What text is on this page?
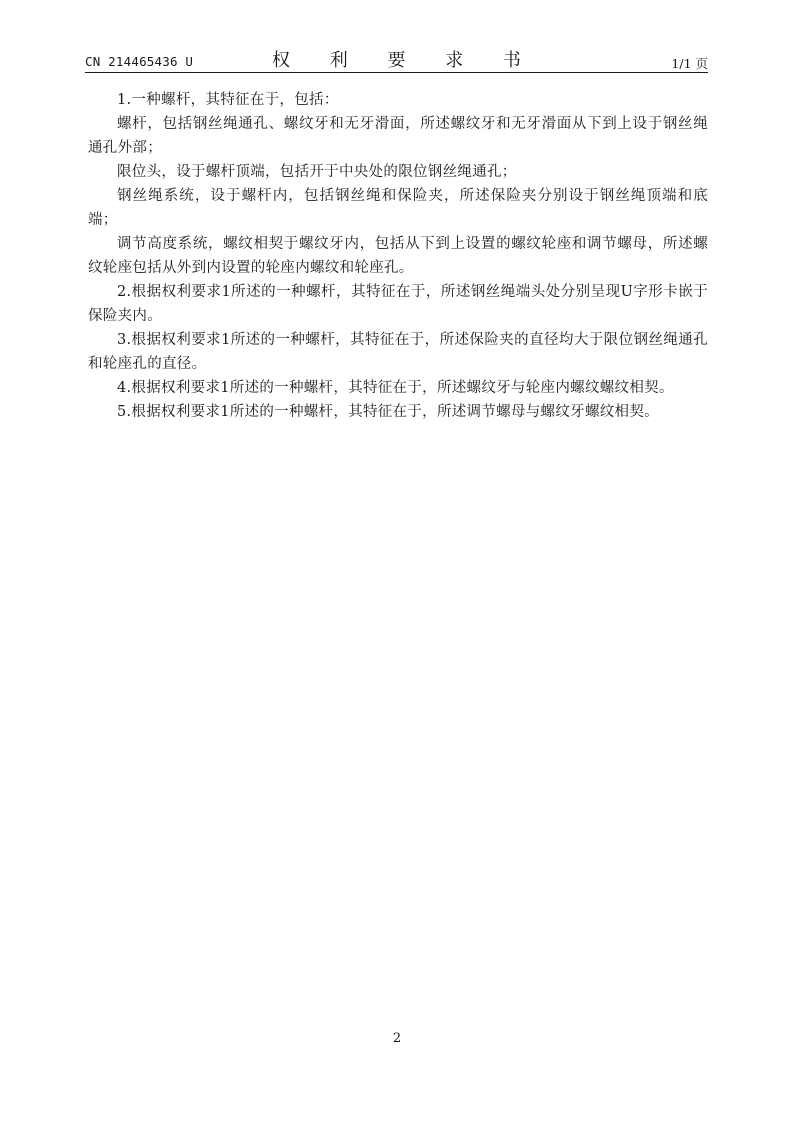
CN 214465436 U	权 利 要 求 书	1/1 页

1.一种螺杆，其特征在于，包括：

螺杆，包括钢丝绳通孔、螺纹牙和无牙滑面，所述螺纹牙和无牙滑面从下到上设于钢丝绳通孔外部；

限位头，设于螺杆顶端，包括开于中央处的限位钢丝绳通孔；

钢丝绳系统，设于螺杆内，包括钢丝绳和保险夹，所述保险夹分别设于钢丝绳顶端和底端；

调节高度系统，螺纹相契于螺纹牙内，包括从下到上设置的螺纹轮座和调节螺母，所述螺纹轮座包括从外到内设置的轮座内螺纹和轮座孔。

2.根据权利要求1所述的一种螺杆，其特征在于，所述钢丝绳端头处分别呈现U字形卡嵌于保险夹内。

3.根据权利要求1所述的一种螺杆，其特征在于，所述保险夹的直径均大于限位钢丝绳通孔和轮座孔的直径。

4.根据权利要求1所述的一种螺杆，其特征在于，所述螺纹牙与轮座内螺纹螺纹相契。

5.根据权利要求1所述的一种螺杆，其特征在于，所述调节螺母与螺纹牙螺纹相契。

2
